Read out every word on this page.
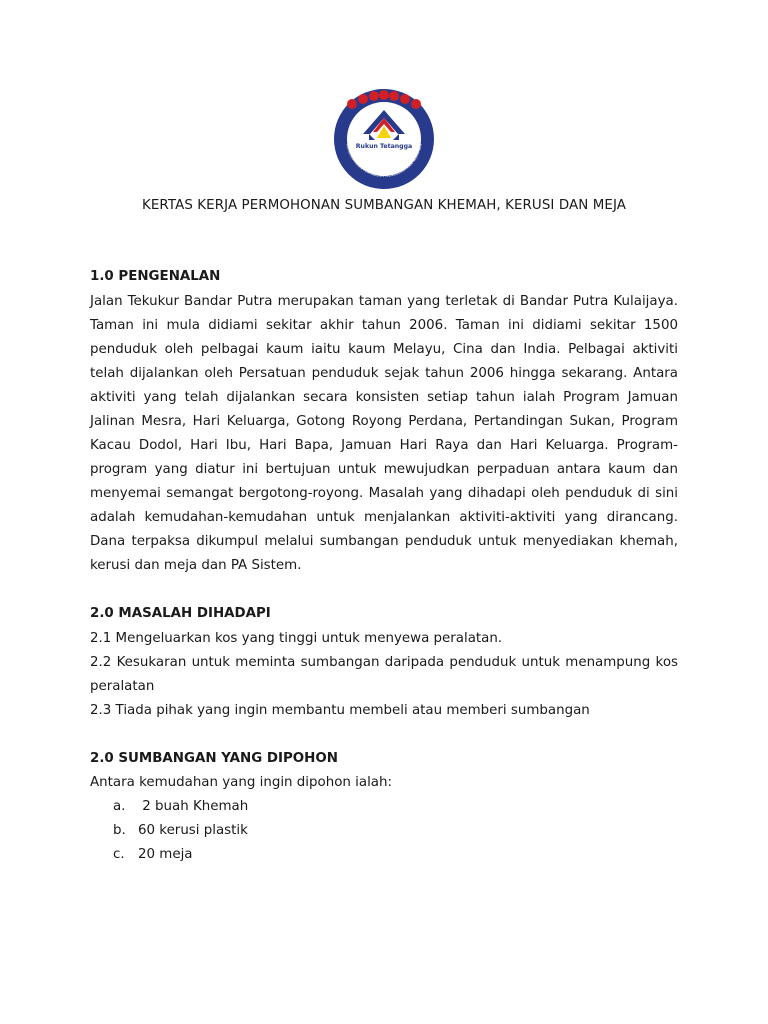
Rukun Tetangga
MEMBUDAYAKAN PERPADUAN MENGGUKUHKAN KEJIRANAN
KERTAS KERJA PERMOHONAN SUMBANGAN KHEMAH, KERUSI DAN MEJA
1.0 PENGENALAN
Jalan Tekukur Bandar Putra merupakan taman yang terletak di Bandar Putra Kulaijaya. Taman ini mula didiami sekitar akhir tahun 2006. Taman ini didiami sekitar 1500 penduduk oleh pelbagai kaum iaitu kaum Melayu, Cina dan India. Pelbagai aktiviti telah dijalankan oleh Persatuan penduduk sejak tahun 2006 hingga sekarang. Antara aktiviti yang telah dijalankan secara konsisten setiap tahun ialah Program Jamuan Jalinan Mesra, Hari Keluarga, Gotong Royong Perdana, Pertandingan Sukan, Program Kacau Dodol, Hari Ibu, Hari Bapa, Jamuan Hari Raya dan Hari Keluarga. Program-program yang diatur ini bertujuan untuk mewujudkan perpaduan antara kaum dan menyemai semangat bergotong-royong. Masalah yang dihadapi oleh penduduk di sini adalah kemudahan-kemudahan untuk menjalankan aktiviti-aktiviti yang dirancang. Dana terpaksa dikumpul melalui sumbangan penduduk untuk menyediakan khemah, kerusi dan meja dan PA Sistem.
2.0 MASALAH DIHADAPI
2.1 Mengeluarkan kos yang tinggi untuk menyewa peralatan.
2.2 Kesukaran untuk meminta sumbangan daripada penduduk untuk menampung kos peralatan
2.3 Tiada pihak yang ingin membantu membeli atau memberi sumbangan
2.0 SUMBANGAN YANG DIPOHON
Antara kemudahan yang ingin dipohon ialah:
a. 2 buah Khemah
b. 60 kerusi plastik
c. 20 meja
